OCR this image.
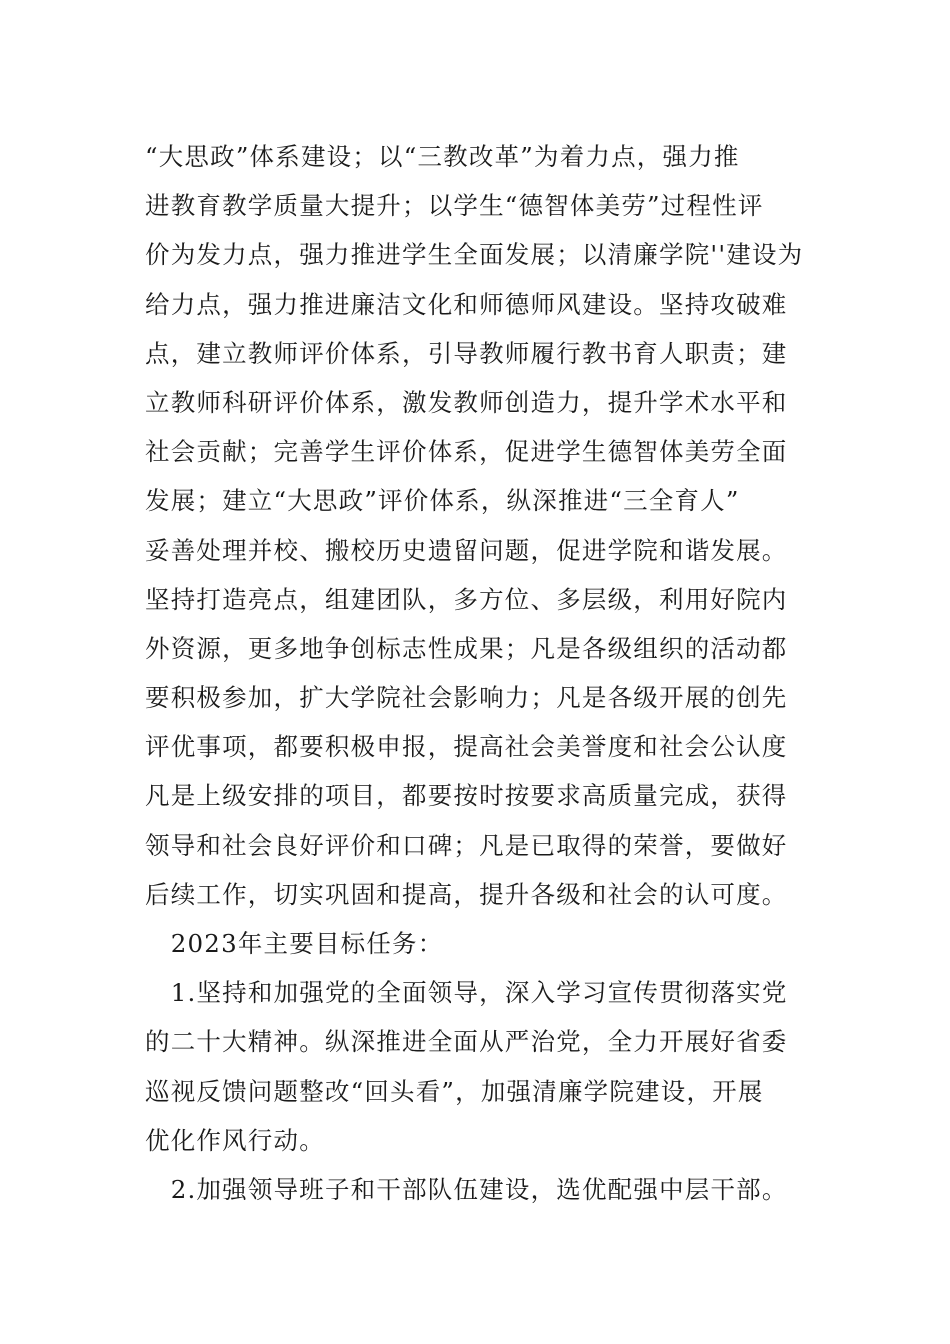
“大思政”体系建设；以“三教改革”为着力点，强力推
进教育教学质量大提升；以学生“德智体美劳”过程性评
价为发力点，强力推进学生全面发展；以清廉学院''建设为
给力点，强力推进廉洁文化和师德师风建设。坚持攻破难
点，建立教师评价体系，引导教师履行教书育人职责；建
立教师科研评价体系，激发教师创造力，提升学术水平和
社会贡献；完善学生评价体系，促进学生德智体美劳全面
发展；建立“大思政”评价体系，纵深推进“三全育人”
妥善处理并校、搬校历史遗留问题，促进学院和谐发展。
坚持打造亮点，组建团队，多方位、多层级，利用好院内
外资源，更多地争创标志性成果；凡是各级组织的活动都
要积极参加，扩大学院社会影响力；凡是各级开展的创先
评优事项，都要积极申报，提高社会美誉度和社会公认度
凡是上级安排的项目，都要按时按要求高质量完成，获得
领导和社会良好评价和口碑；凡是已取得的荣誉，要做好
后续工作，切实巩固和提高，提升各级和社会的认可度。
　2023年主要目标任务：
　1.坚持和加强党的全面领导，深入学习宣传贯彻落实党
的二十大精神。纵深推进全面从严治党，全力开展好省委
巡视反馈问题整改“回头看”，加强清廉学院建设，开展
优化作风行动。
　2.加强领导班子和干部队伍建设，选优配强中层干部。
